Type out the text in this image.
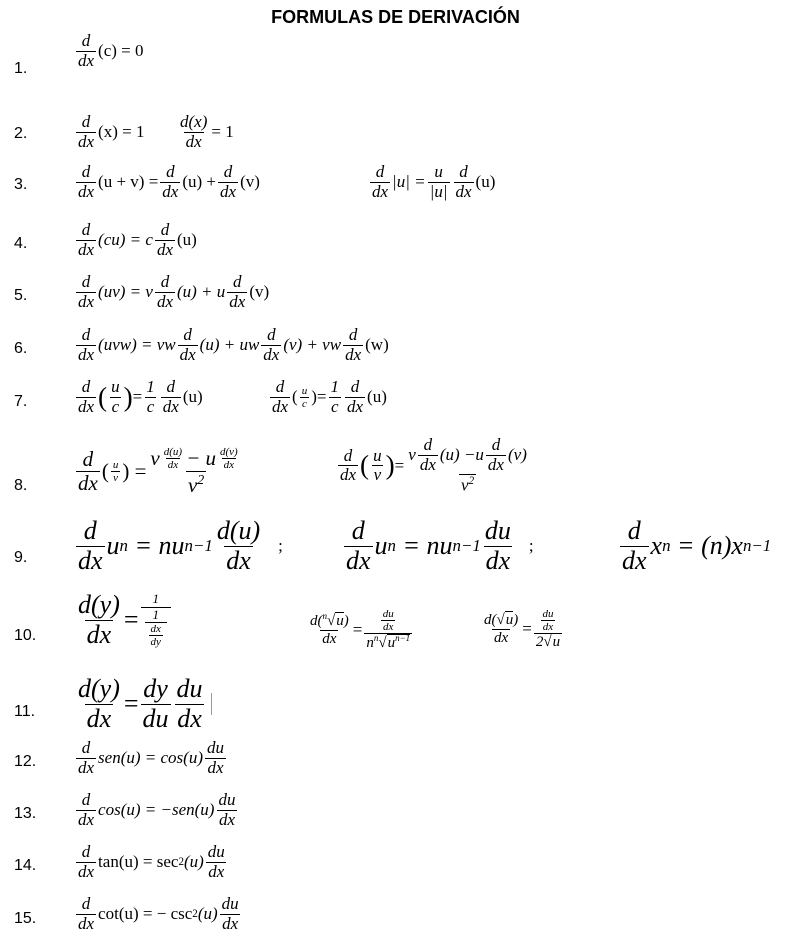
FORMULAS DE DERIVACIÓN
1.
2.
3.
4.
5.
6.
7.
8.
9.
10.
11.
12.
13.
14.
15.
$\frac{d}{dx} (c) = 0$
$\frac{d}{dx} (x) = 1 \frac{d(x)}{dx} = 1$
$\frac{d}{dx} (u + v) = \frac{d}{dx} (u) + \frac{d}{dx} (v)$	$\frac{d}{dx} |u| = \frac{u}{|u|} \frac{d}{dx} (u)$
$\frac{d}{dx} (cu) = c \frac{d}{dx} (u)$
$\frac{d}{dx} (uv) = v \frac{d}{dx} (u) + u \frac{d}{dx} (v)$
$\frac{d}{dx} (uvw)$ = vw $\frac{d}{dx} (u)$ + uw $\frac{d}{dx} (v)$ + vw $\frac{d}{dx} (w)$
$\frac{d}{dx}$ ( $\frac{u}{c}$ ) = $\frac{1}{c} \frac{d}{dx} (u)$	$\frac{d}{dx}$ ( $\frac{u}{c}$ ) = $\frac{1}{c} \frac{d}{dx} (u)$
$\frac{d}{dx}$ ( $\frac{u}{v}$ ) = $\frac{v \frac{d(u)}{dx} - u \frac{d(v)}{dx}}{v^2}$	$\frac{d}{dx}$ ( $\frac{u}{v}$ ) = $\frac{v \frac{d}{dx} ( u ) - u \frac{d}{dx} ( v )}{v^2}$
$\frac{d}{dx}$ u n
= nu $n-1 \frac{d(u)}{dx}$ ; $\frac{d}{dx}$ u n
= nu $n-1 \frac{du}{dx}$ ;	$\frac{d}{dx}$ x n
= (n)x n−1
$\frac{d(y)}{dx} = \frac{1}{\frac{1}{\frac{dx}{dy}}}$	$\frac{d(^n√u)}{dx} = \frac{\frac{du}{dx}}{n^n√u^{n-1}}$	$\frac{d(√u)}{dx} = \frac{\frac{du}{dx}}{2√u}$
$\frac{d(y)}{dx} = \frac{dy}{du} \frac{du}{dx}$
$\frac{d}{dx} sen(u) = \cos(u) \frac{du}{dx}$
$\frac{d}{dx} \cos(u) = -sen(u) \frac{du}{dx}$
$\frac{d}{dx} \tan(u) = \sec 2$ $(u) \frac{du}{dx}$
$\frac{d}{dx} \cot(u)$ = − csc 2 $(u) \frac{du}{dx}$
